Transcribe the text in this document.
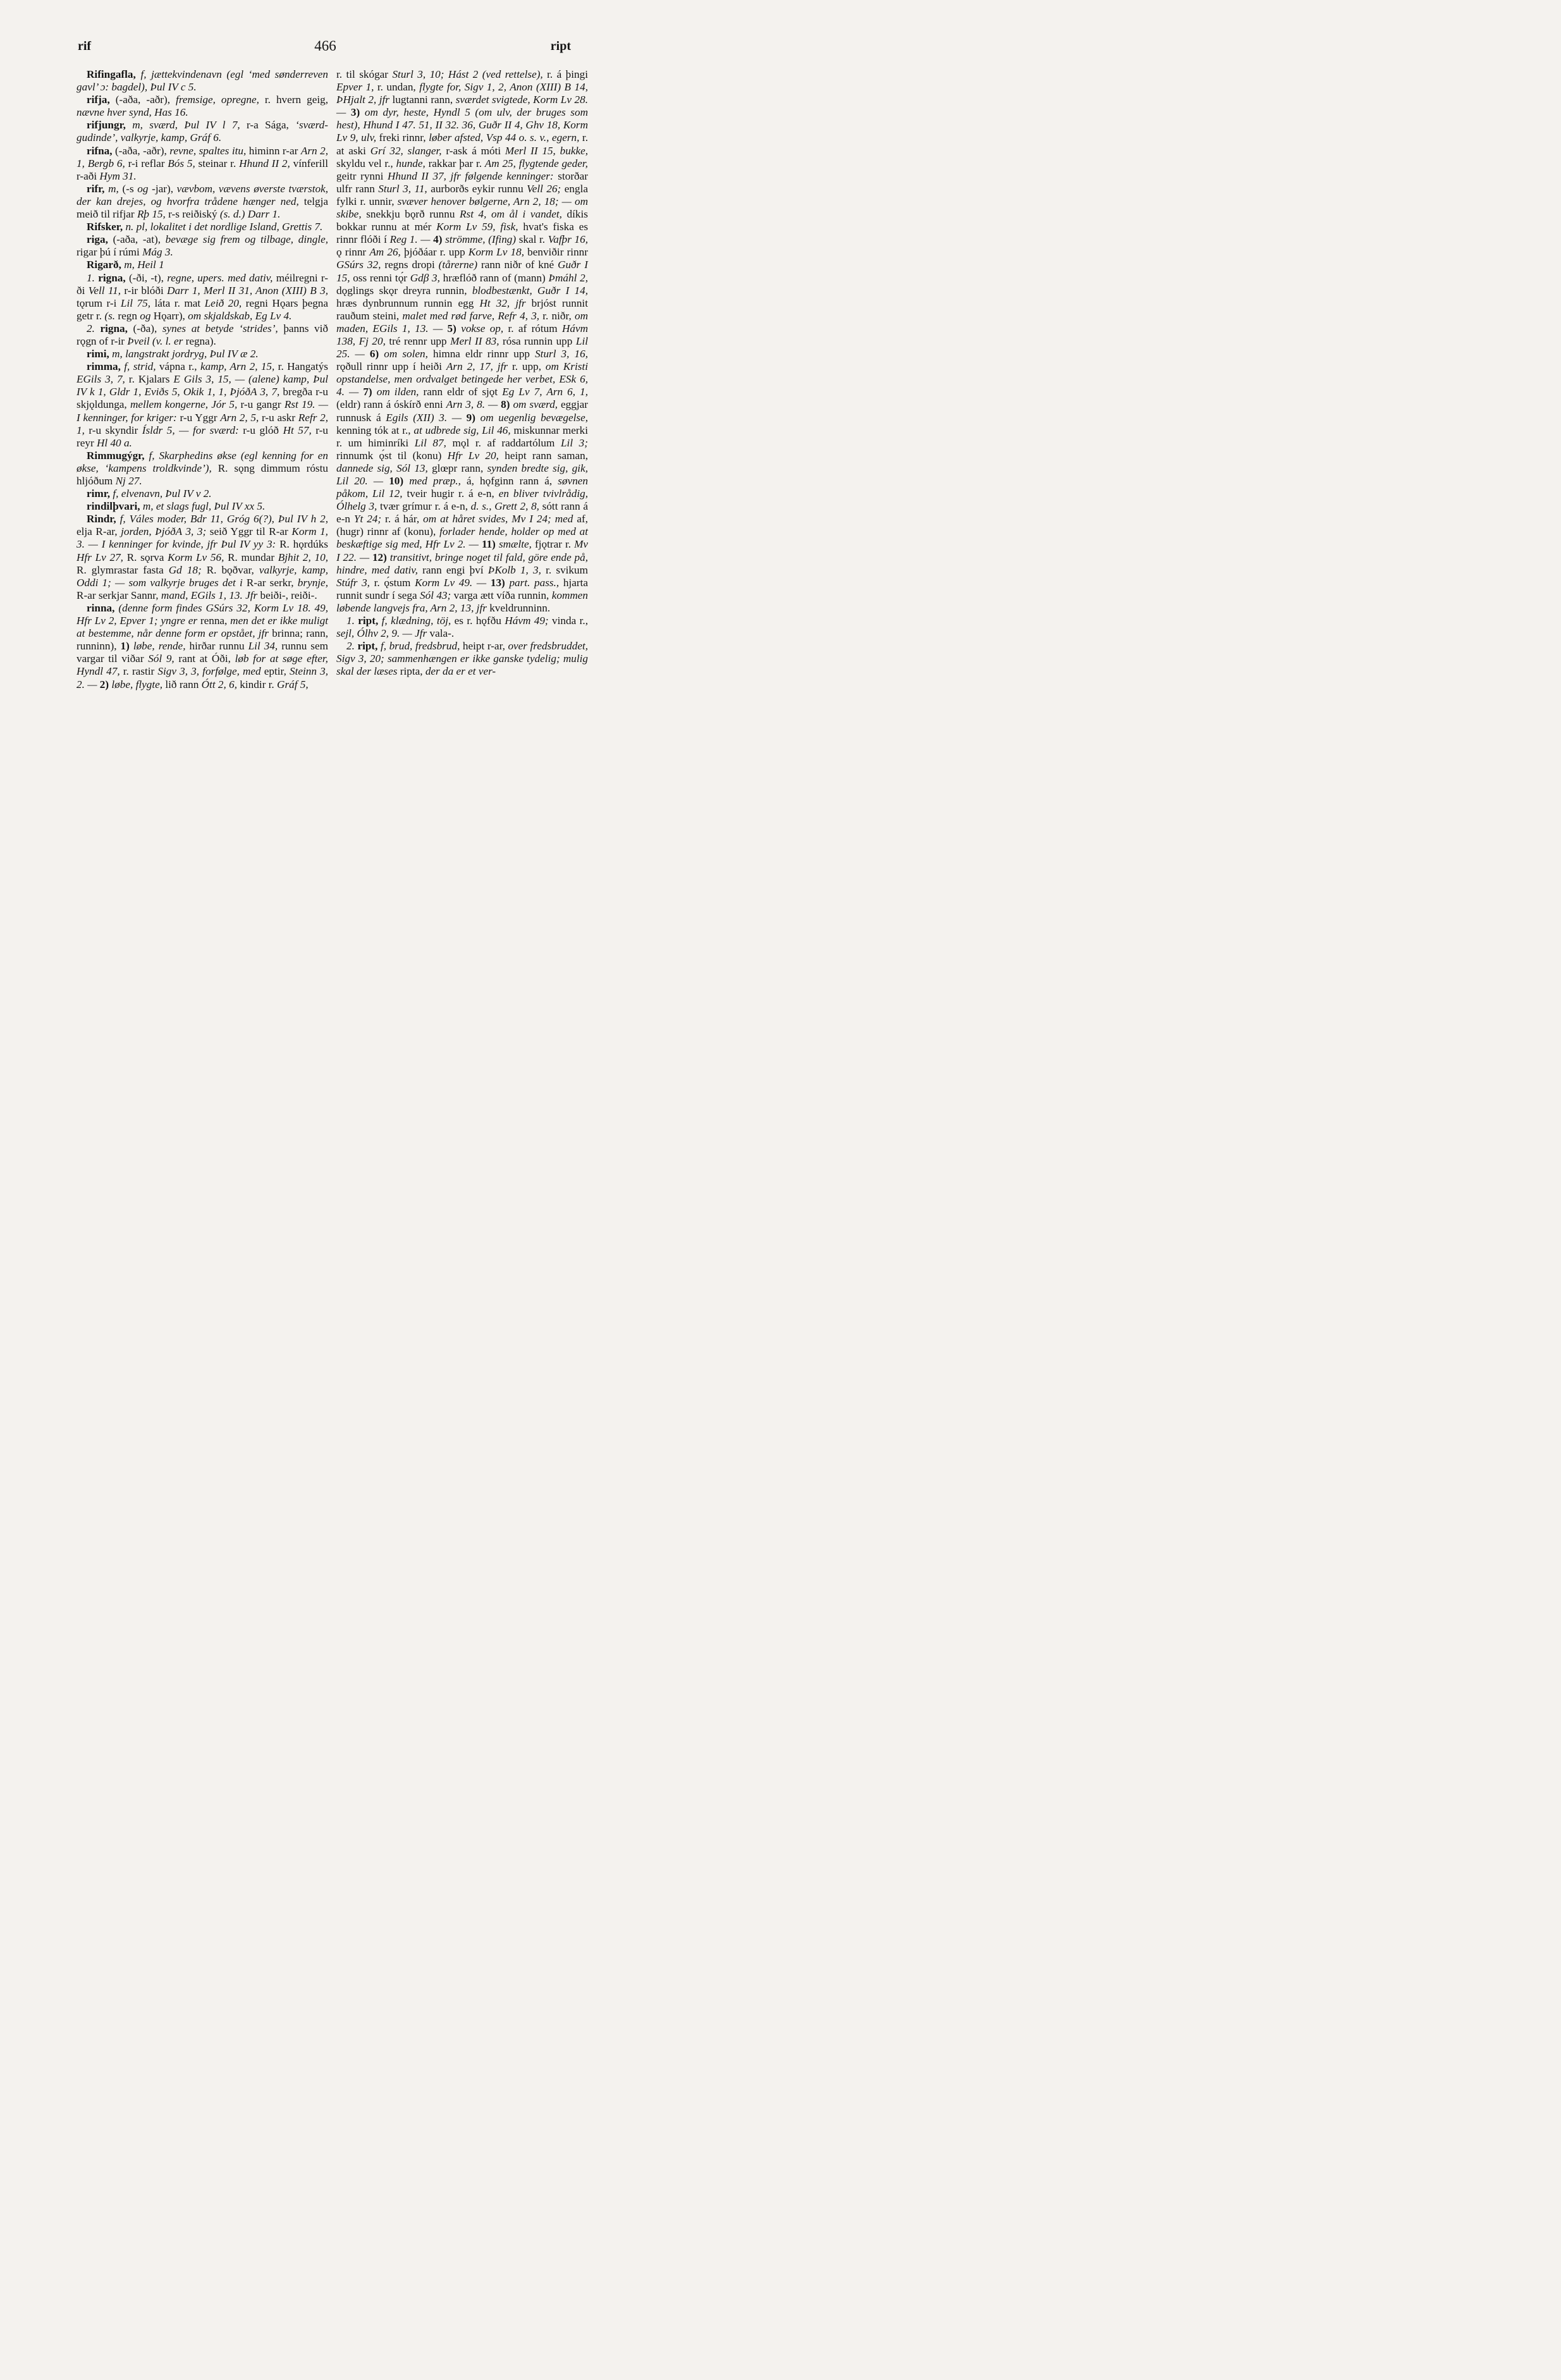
rif	466	ript

Rifingafla, f, jættekvindenavn (egl ‘med sønderreven gavl’ ɔ: bagdel), Þul IV c 5.

rifja, (-aða, -aðr), fremsige, opregne, r. hvern geig, nævne hver synd, Has 16.

rifjungr, m, sværd, Þul IV l 7, r-a Sága, ‘sværd-gudinde’, valkyrje, kamp, Gráf 6.

rifna, (-aða, -aðr), revne, spaltes itu, himinn r-ar Arn 2, 1, Bergb 6, r-i reflar Bós 5, steinar r. Hhund II 2, vínferill r-aði Hym 31.

rifr, m, (-s og -jar), vævbom, vævens øverste tværstok, der kan drejes, og hvorfra trådene hænger ned, telgja meið til rifjar Rþ 15, r-s reiðiský (s. d.) Darr 1.

Rifsker, n. pl, lokalitet i det nordlige Island, Grettis 7.

riga, (-aða, -at), bevæge sig frem og tilbage, dingle, rigar þú í rúmi Mág 3.

Rigarð, m, Heil 1

1. rigna, (-ði, -t), regne, upers. med dativ, méilregni r-ði Vell 11, r-ir blóði Darr 1, Merl II 31, Anon (XIII) B 3, tǫrum r-i Lil 75, láta r. mat Leið 20, regni Hǫars þegna getr r. (s. regn og Hǫarr), om skjaldskab, Eg Lv 4.

2. rigna, (-ða), synes at betyde ‘strides’, þanns við rǫgn of r-ir Þveil (v. l. er regna).

rimi, m, langstrakt jordryg, Þul IV æ 2.

rimma, f, strid, vápna r., kamp, Arn 2, 15, r. Hangatýs EGils 3, 7, r. Kjalars E Gils 3, 15, — (alene) kamp, Þul IV k 1, Gldr 1, Eviðs 5, Okik 1, 1, ÞjóðA 3, 7, bregða r-u skjǫldunga, mellem kongerne, Jór 5, r-u gangr Rst 19. — I kenninger, for kriger: r-u Yggr Arn 2, 5, r-u askr Refr 2, 1, r-u skyndir Ísldr 5, — for sværd: r-u glóð Ht 57, r-u reyr Hl 40 a.

Rimmugýgr, f, Skarphedins økse (egl kenning for en økse, ‘kampens troldkvinde’), R. sǫng dimmum róstu hljóðum Nj 27.

rimr, f, elvenavn, Þul IV v 2.

rindilþvari, m, et slags fugl, Þul IV xx 5.

Rindr, f, Váles moder, Bdr 11, Gróg 6(?), Þul IV h 2, elja R-ar, jorden, ÞjóðA 3, 3; seið Yggr til R-ar Korm 1, 3. — I kenninger for kvinde, jfr Þul IV yy 3: R. hǫrdúks Hfr Lv 27, R. sǫrva Korm Lv 56, R. mundar Bjhit 2, 10, R. glymrastar fasta Gd 18; R. bǫðvar, valkyrje, kamp, Oddi 1; — som valkyrje bruges det i R-ar serkr, brynje, R-ar serkjar Sannr, mand, EGils 1, 13. Jfr beiði-, reiði-.

rinna, (denne form findes GSúrs 32, Korm Lv 18. 49, Hfr Lv 2, Epver 1; yngre er renna, men det er ikke muligt at bestemme, når denne form er opstået, jfr brinna; rann, runninn), 1) løbe, rende, hirðar runnu Lil 34, runnu sem vargar til viðar Sól 9, rant at Óði, løb for at søge efter, Hyndl 47, r. rastir Sigv 3, 3, forfølge, med eptir, Steinn 3, 2. — 2) løbe, flygte, lið rann Ótt 2, 6, kindir r. Gráf 5,

r. til skógar Sturl 3, 10; Hást 2 (ved rettelse), r. á þingi Epver 1, r. undan, flygte for, Sigv 1, 2, Anon (XIII) B 14, ÞHjalt 2, jfr lugtanni rann, sværdet svigtede, Korm Lv 28. — 3) om dyr, heste, Hyndl 5 (om ulv, der bruges som hest), Hhund I 47. 51, II 32. 36, Guðr II 4, Ghv 18, Korm Lv 9, ulv, freki rinnr, løber afsted, Vsp 44 o. s. v., egern, r. at aski Grí 32, slanger, r-ask á móti Merl II 15, bukke, skyldu vel r., hunde, rakkar þar r. Am 25, flygtende geder, geitr rynni Hhund II 37, jfr følgende kenninger: storðar ulfr rann Sturl 3, 11, aurborðs eykir runnu Vell 26; engla fylki r. unnir, svæver henover bølgerne, Arn 2, 18; — om skibe, snekkju bǫrð runnu Rst 4, om ål i vandet, díkis bokkar runnu at mér Korm Lv 59, fisk, hvat's fiska es rinnr flóði í Reg 1. — 4) strömme, (Ifing) skal r. Vafþr 16, ǫ rinnr Am 26, þjóðáar r. upp Korm Lv 18, benviðir rinnr GSúrs 32, regns dropi (tårerne) rann niðr of kné Guðr I 15, oss renni tǫ́r Gdβ 3, hræflóð rann of (mann) Þmáhl 2, dǫglings skǫr dreyra runnin, blodbestænkt, Guðr I 14, hræs dynbrunnum runnin egg Ht 32, jfr brjóst runnit rauðum steini, malet med rød farve, Refr 4, 3, r. niðr, om maden, EGils 1, 13. — 5) vokse op, r. af rótum Hávm 138, Fj 20, tré rennr upp Merl II 83, rósa runnin upp Lil 25. — 6) om solen, himna eldr rinnr upp Sturl 3, 16, rǫðull rinnr upp í heiði Arn 2, 17, jfr r. upp, om Kristi opstandelse, men ordvalget betingede her verbet, ESk 6, 4. — 7) om ilden, rann eldr of sjǫt Eg Lv 7, Arn 6, 1, (eldr) rann á óskírð enni Arn 3, 8. — 8) om sværd, eggjar runnusk á Egils (XII) 3. — 9) om uegenlig bevægelse, kenning tók at r., at udbrede sig, Lil 46, miskunnar merki r. um himinríki Lil 87, mǫl r. af raddartólum Lil 3; rinnumk ǫ́st til (konu) Hfr Lv 20, heipt rann saman, dannede sig, Sól 13, glœpr rann, synden bredte sig, gik, Lil 20. — 10) med præp., á, hǫfginn rann á, søvnen påkom, Lil 12, tveir hugir r. á e-n, en bliver tvivlrådig, Ólhelg 3, tvær grímur r. á e-n, d. s., Grett 2, 8, sótt rann á e-n Yt 24; r. á hár, om at håret svides, Mv I 24; med af, (hugr) rinnr af (konu), forlader hende, holder op med at beskæftige sig med, Hfr Lv 2. — 11) smælte, fjǫtrar r. Mv I 22. — 12) transitivt, bringe noget til fald, göre ende på, hindre, med dativ, rann engi því ÞKolb 1, 3, r. svikum Stúfr 3, r. ǫ́stum Korm Lv 49. — 13) part. pass., hjarta runnit sundr í sega Sól 43; varga ætt víða runnin, kommen løbende langvejs fra, Arn 2, 13, jfr kveldrunninn.

1. ript, f, klædning, töj, es r. hǫfðu Hávm 49; vinda r., sejl, Ólhv 2, 9. — Jfr vala-.

2. ript, f, brud, fredsbrud, heipt r-ar, over fredsbruddet, Sigv 3, 20; sammenhængen er ikke ganske tydelig; mulig skal der læses ripta, der da er et ver-
